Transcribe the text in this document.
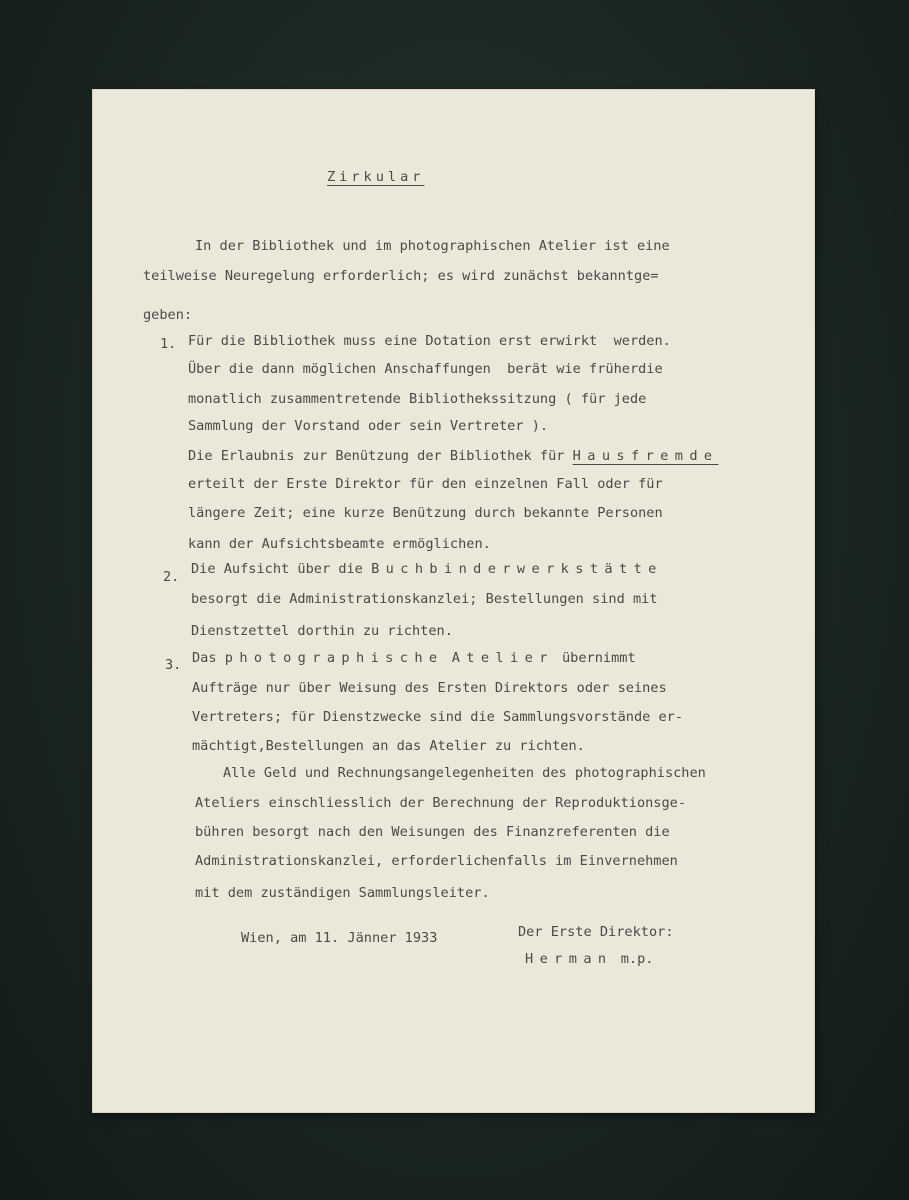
Zirkular
In der Bibliothek und im photographischen Atelier ist eine
teilweise Neuregelung erforderlich; es wird zunächst bekanntge=
geben:
1. Für die Bibliothek muss eine Dotation erst erwirkt  werden.
Über die dann möglichen Anschaffungen  berät wie früherdie
monatlich zusammentretende Bibliothekssitzung ( für jede
Sammlung der Vorstand oder sein Vertreter ).
Die Erlaubnis zur Benützung der Bibliothek für Hausfremde
erteilt der Erste Direktor für den einzelnen Fall oder für
längere Zeit; eine kurze Benützung durch bekannte Personen
kann der Aufsichtsbeamte ermöglichen.
2. Die Aufsicht über die Buchbinderwerkstätte
besorgt die Administrationskanzlei; Bestellungen sind mit
Dienstzettel dorthin zu richten.
3. Das photographische Atelier übernimmt
Aufträge nur über Weisung des Ersten Direktors oder seines
Vertreters; für Dienstzwecke sind die Sammlungsvorstände er-
mächtigt,Bestellungen an das Atelier zu richten.
Alle Geld und Rechnungsangelegenheiten des photographischen
Ateliers einschliesslich der Berechnung der Reproduktionsge-
bühren besorgt nach den Weisungen des Finanzreferenten die
Administrationskanzlei, erforderlichenfalls im Einvernehmen
mit dem zuständigen Sammlungsleiter.
Wien, am 11. Jänner 1933	Der Erste Direktor:
Herman m.p.
